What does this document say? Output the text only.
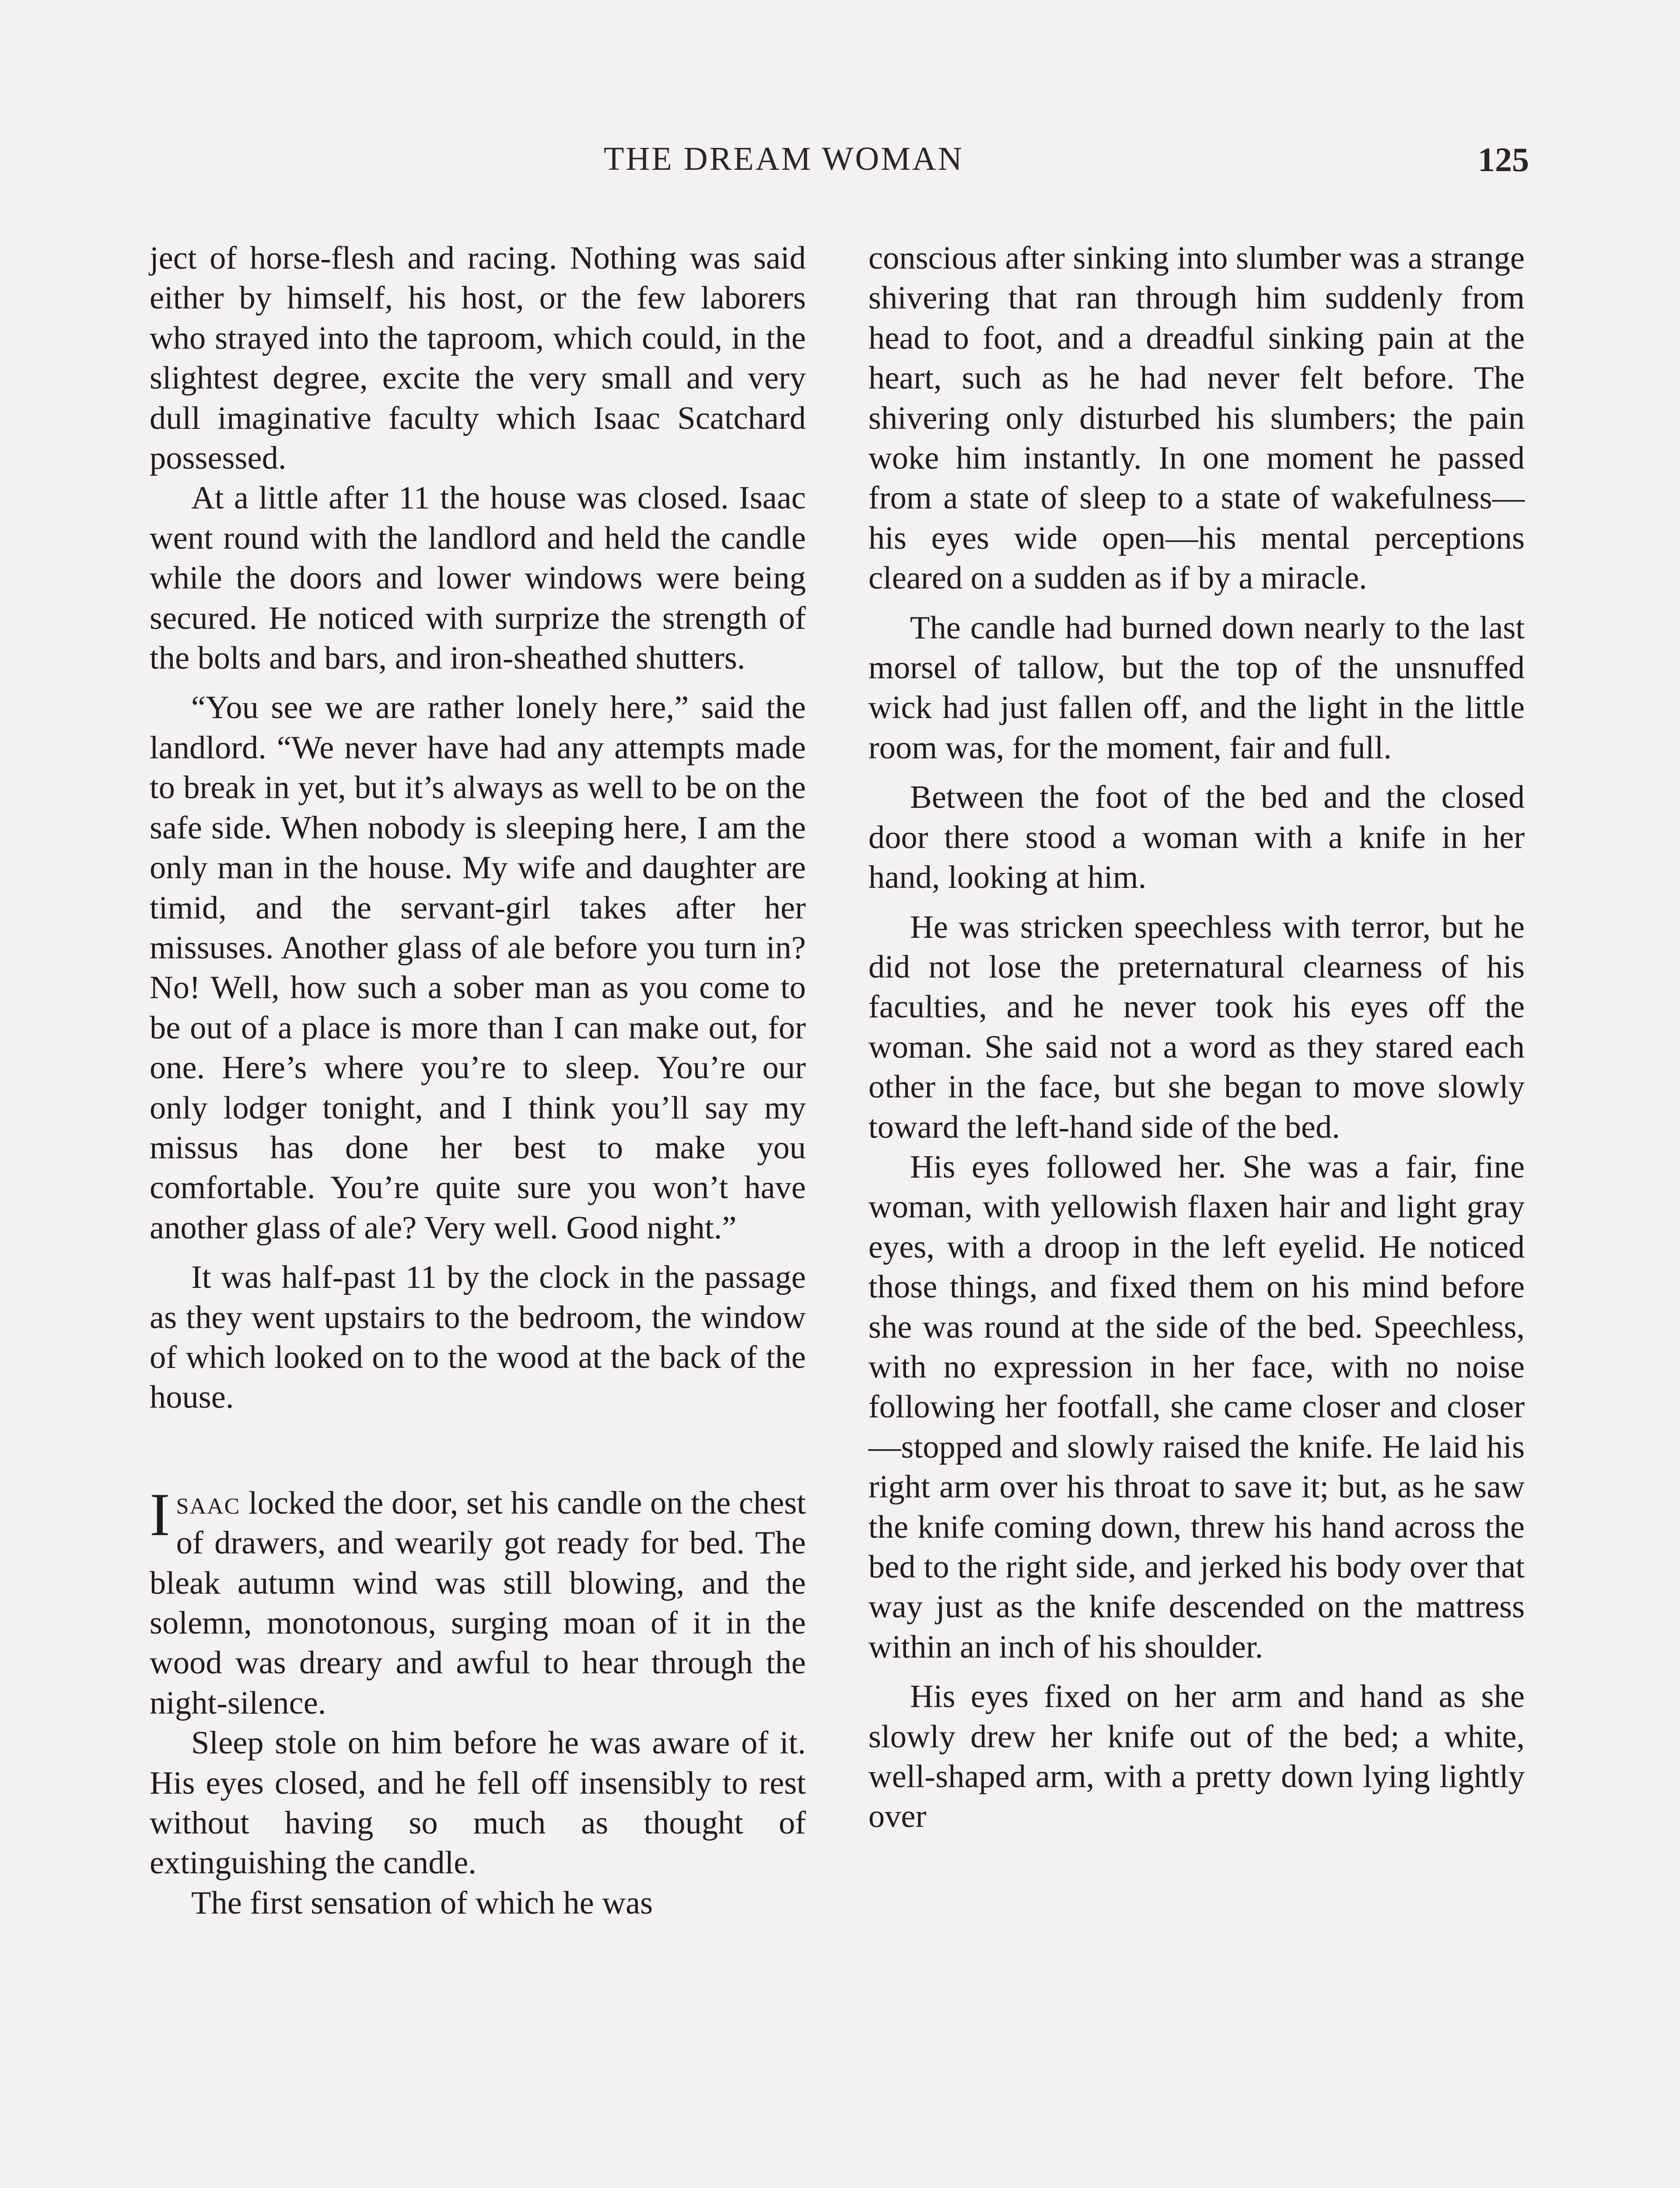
THE DREAM WOMAN	125

ject of horse-flesh and racing. Nothing was said either by himself, his host, or the few laborers who strayed into the taproom, which could, in the slightest degree, excite the very small and very dull imaginative faculty which Isaac Scatchard possessed.

At a little after 11 the house was closed. Isaac went round with the landlord and held the candle while the doors and lower windows were being secured. He noticed with surprize the strength of the bolts and bars, and iron-sheathed shutters.

“You see we are rather lonely here,” said the landlord. “We never have had any attempts made to break in yet, but it’s always as well to be on the safe side. When nobody is sleeping here, I am the only man in the house. My wife and daughter are timid, and the servant-girl takes after her missuses. Another glass of ale before you turn in? No! Well, how such a sober man as you come to be out of a place is more than I can make out, for one. Here’s where you’re to sleep. You’re our only lodger tonight, and I think you’ll say my missus has done her best to make you comfortable. You’re quite sure you won’t have another glass of ale? Very well. Good night.”

It was half-past 11 by the clock in the passage as they went upstairs to the bedroom, the window of which looked on to the wood at the back of the house.

Isaac locked the door, set his candle on the chest of drawers, and wearily got ready for bed. The bleak autumn wind was still blowing, and the solemn, monotonous, surging moan of it in the wood was dreary and awful to hear through the night-silence.

Sleep stole on him before he was aware of it. His eyes closed, and he fell off insensibly to rest without having so much as thought of extinguishing the candle.

The first sensation of which he was

conscious after sinking into slumber was a strange shivering that ran through him suddenly from head to foot, and a dreadful sinking pain at the heart, such as he had never felt before. The shivering only disturbed his slumbers; the pain woke him instantly. In one moment he passed from a state of sleep to a state of wakefulness—his eyes wide open—his mental perceptions cleared on a sudden as if by a miracle.

The candle had burned down nearly to the last morsel of tallow, but the top of the unsnuffed wick had just fallen off, and the light in the little room was, for the moment, fair and full.

Between the foot of the bed and the closed door there stood a woman with a knife in her hand, looking at him.

He was stricken speechless with terror, but he did not lose the preternatural clearness of his faculties, and he never took his eyes off the woman. She said not a word as they stared each other in the face, but she began to move slowly toward the left-hand side of the bed.

His eyes followed her. She was a fair, fine woman, with yellowish flaxen hair and light gray eyes, with a droop in the left eyelid. He noticed those things, and fixed them on his mind before she was round at the side of the bed. Speechless, with no expression in her face, with no noise following her footfall, she came closer and closer—stopped and slowly raised the knife. He laid his right arm over his throat to save it; but, as he saw the knife coming down, threw his hand across the bed to the right side, and jerked his body over that way just as the knife descended on the mattress within an inch of his shoulder.

His eyes fixed on her arm and hand as she slowly drew her knife out of the bed; a white, well-shaped arm, with a pretty down lying lightly over
